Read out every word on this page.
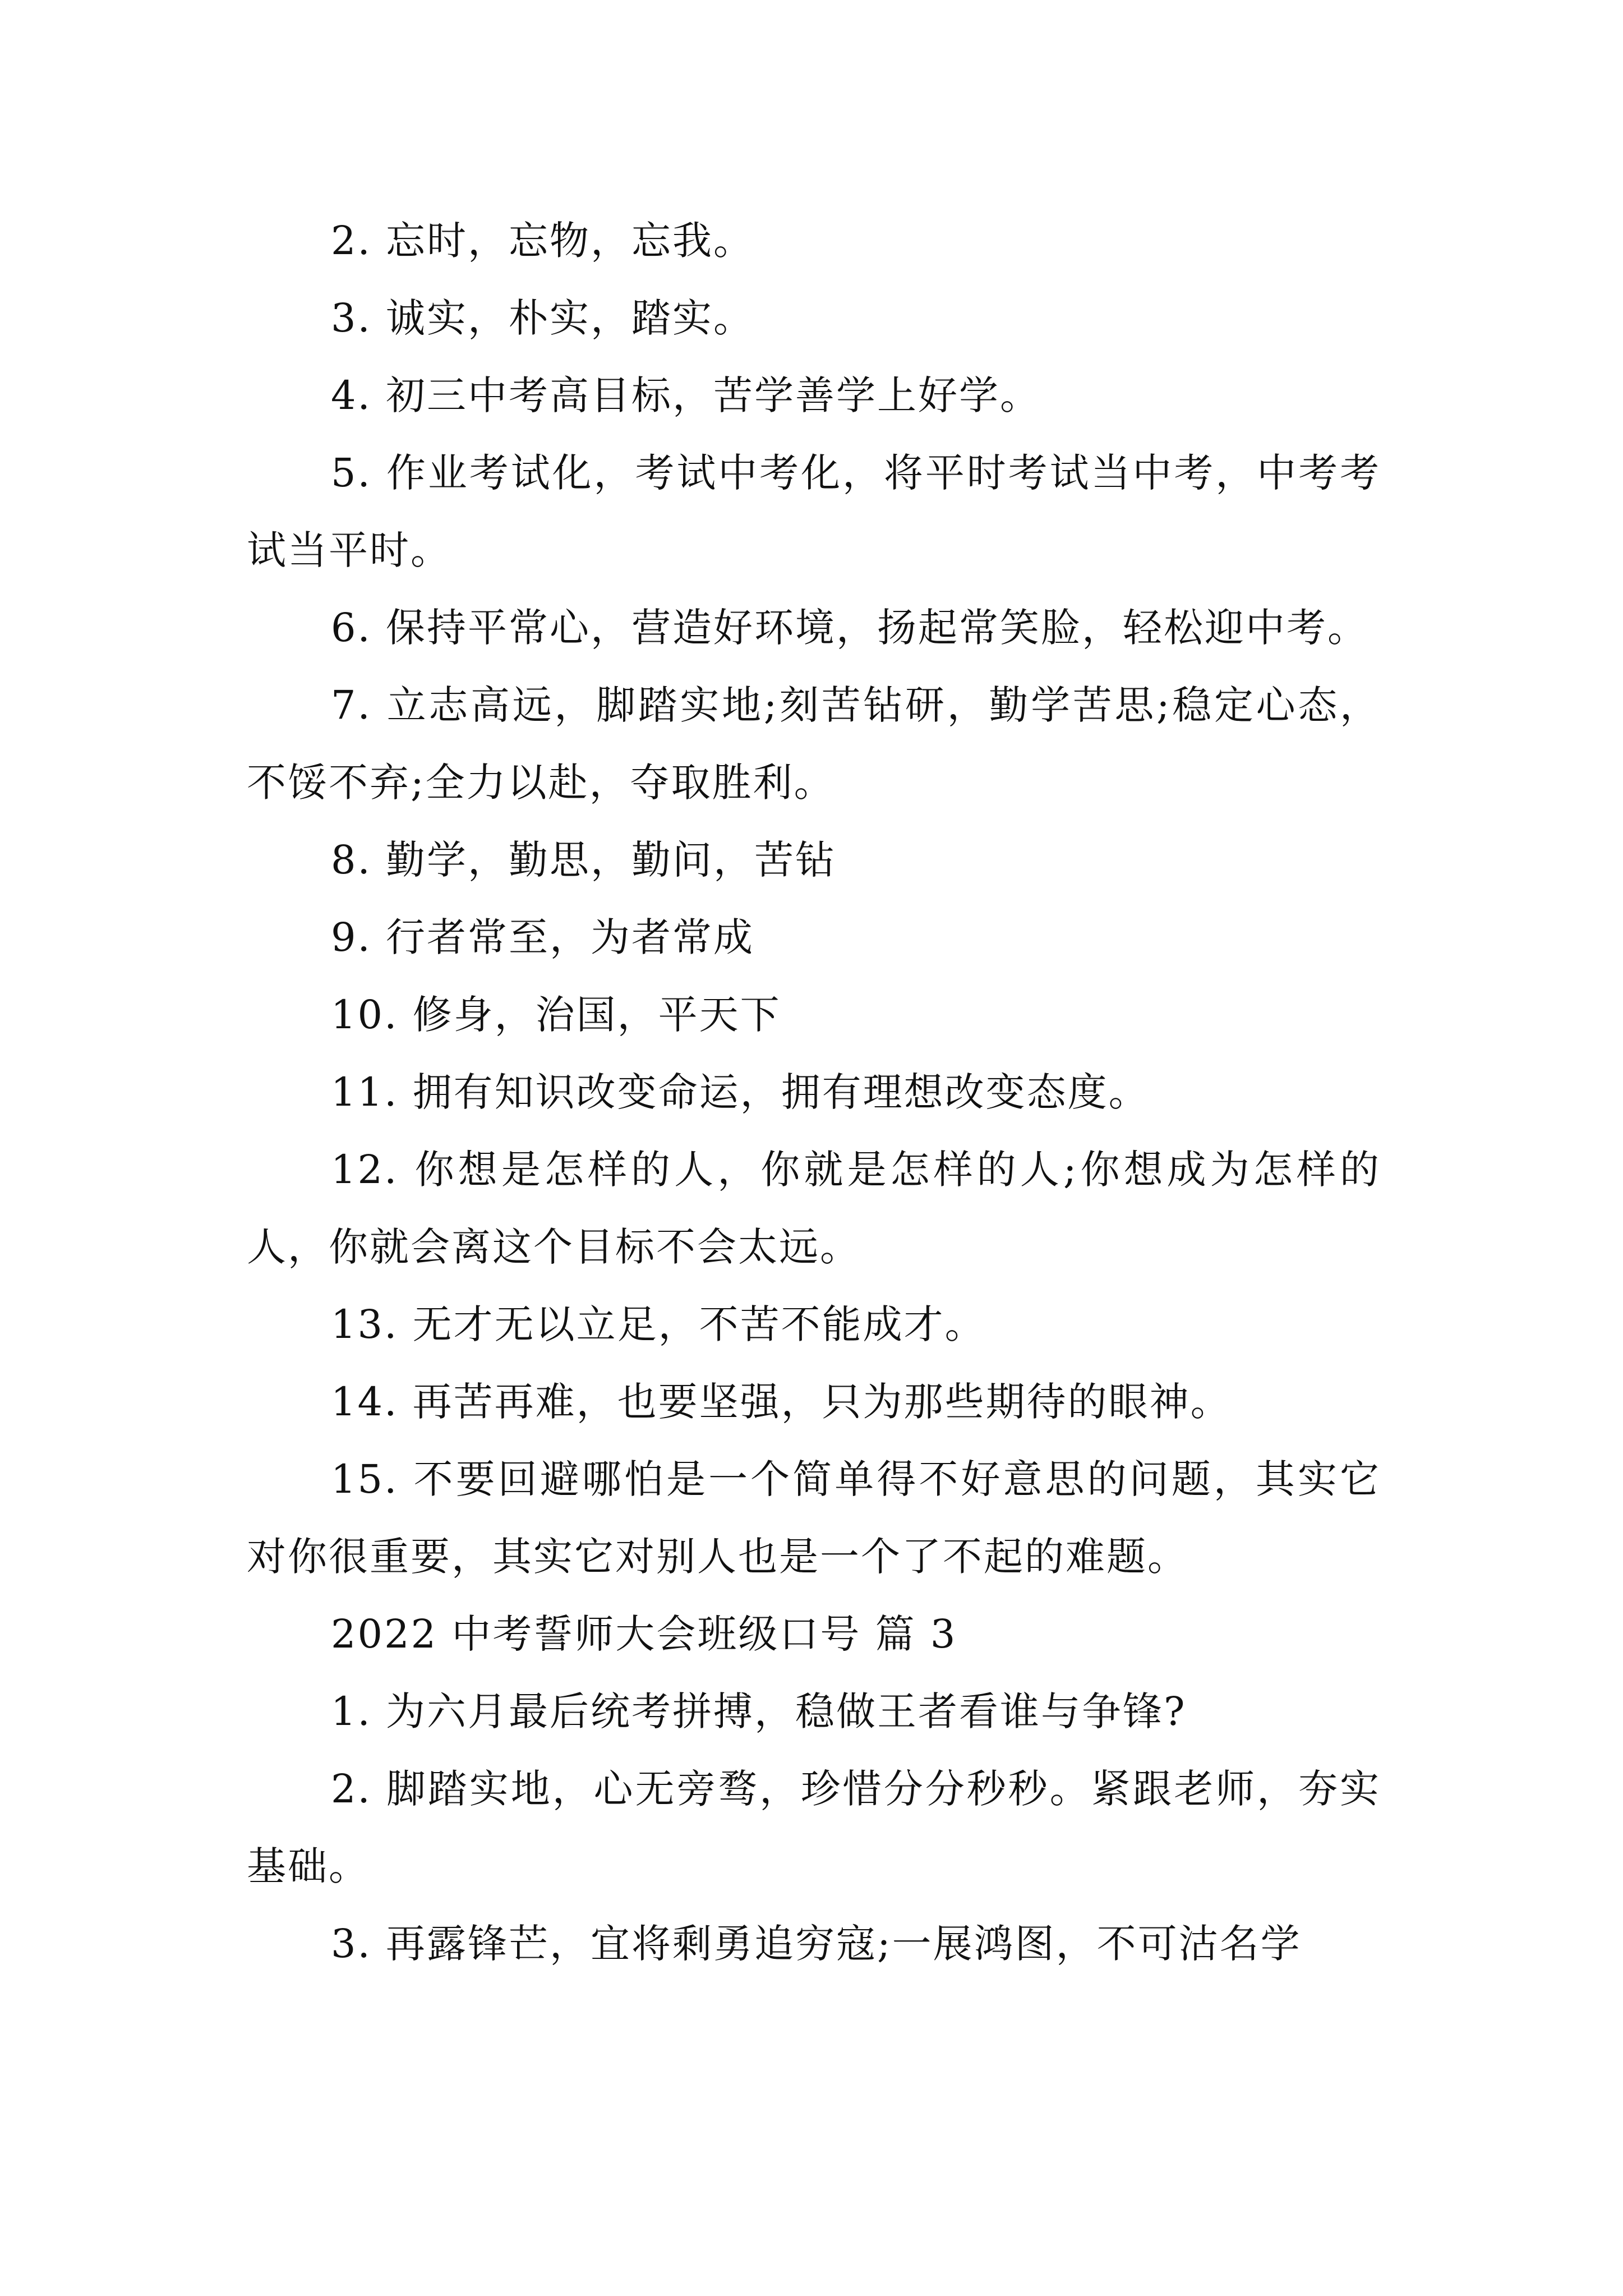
2. 忘时，忘物，忘我。

3. 诚实，朴实，踏实。

4. 初三中考高目标，苦学善学上好学。

5. 作业考试化，考试中考化，将平时考试当中考，中考考试当平时。

6. 保持平常心，营造好环境，扬起常笑脸，轻松迎中考。

7. 立志高远，脚踏实地;刻苦钻研，勤学苦思;稳定心态，不馁不弃;全力以赴，夺取胜利。

8. 勤学，勤思，勤问，苦钻

9. 行者常至，为者常成

10. 修身，治国，平天下

11. 拥有知识改变命运，拥有理想改变态度。

12. 你想是怎样的人，你就是怎样的人;你想成为怎样的人，你就会离这个目标不会太远。

13. 无才无以立足，不苦不能成才。

14. 再苦再难，也要坚强，只为那些期待的眼神。

15. 不要回避哪怕是一个简单得不好意思的问题，其实它对你很重要，其实它对别人也是一个了不起的难题。

2022 中考誓师大会班级口号 篇 3

1. 为六月最后统考拼搏，稳做王者看谁与争锋?

2. 脚踏实地，心无旁骛，珍惜分分秒秒。紧跟老师，夯实基础。

3. 再露锋芒，宜将剩勇追穷寇;一展鸿图，不可沽名学
